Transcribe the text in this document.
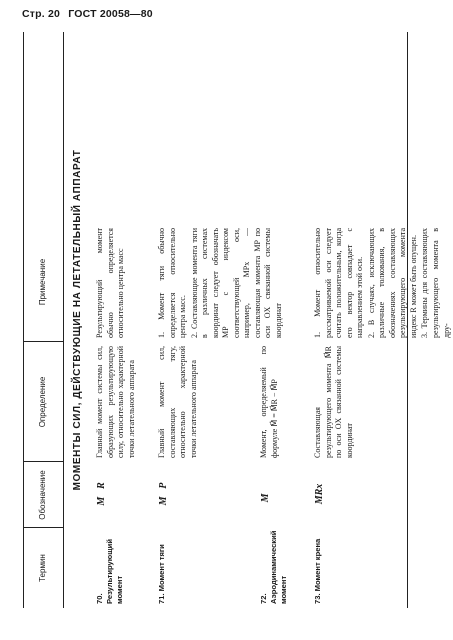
Стр. 20 ГОСТ 20058—80
Термин
Обозначение
Определение
Примечание	МОМЕНТЫ СИЛ, ДЕЙСТВУЮЩИЕ НА ЛЕТАТЕЛЬНЫЙ АППАРАТ
70. Результирующий момент
M⃗R
Главный момент системы сил, образующих результирующую силу, относительно характерной точки летательного аппарата

Результирующий момент обычно определяется относительно центра масс

71. Момент тяги
M⃗P
Главный момент сил, составляющих тягу, относительно характерной точки летательного аппарата

1. Момент тяги обычно определяется относительно центра масс. 2. Составляющие момента тяги в различных системах координат следует обозначать MP с индексом соответствующей оси, например, MPx — составляющая момента MP по оси OX связанной системы координат

72. Аэродинамический момент
M⃗
Момент, определяемый по формуле M⃗ = M⃗R − M⃗P
73. Момент крена
MRx
Составляющая результирующего момента M⃗R по оси OX связанной системы координат

1. Момент относительно рассматриваемой оси следует считать положительным, когда его вектор совпадает с направлением этой оси. 2. В случаях, исключающих различные толкования, в обозначениях составляющих результирующего момента индекс R может быть опущен. 3. Термины для составляющих результирующего момента в дру-
